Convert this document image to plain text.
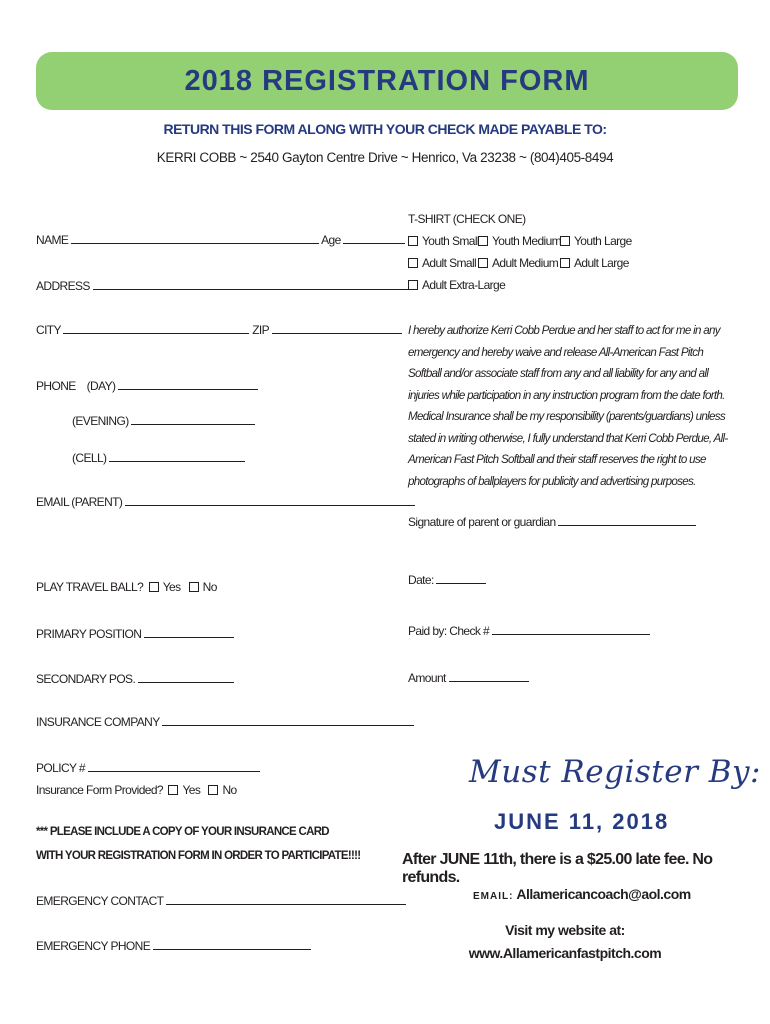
2018 REGISTRATION FORM
RETURN THIS FORM ALONG WITH YOUR CHECK MADE PAYABLE TO:
KERRI COBB ~ 2540 Gayton Centre Drive ~ Henrico, Va 23238 ~ (804)405-8494
NAME	Age
ADDRESS
CITY	ZIP
PHONE (DAY)
(EVENING)
(CELL)
EMAIL (PARENT)
PLAY TRAVEL BALL? Yes No
PRIMARY POSITION
SECONDARY POS.
INSURANCE COMPANY
POLICY #
Insurance Form Provided? Yes No
*** PLEASE INCLUDE A COPY OF YOUR INSURANCE CARD
WITH YOUR REGISTRATION FORM IN ORDER TO PARTICIPATE!!!!
EMERGENCY CONTACT
EMERGENCY PHONE
T-SHIRT (CHECK ONE)
Youth Small	Youth Medium	Youth Large
Adult Small	Adult Medium	Adult Large
Adult Extra-Large
I hereby authorize Kerri Cobb Perdue and her staff to act for me in any emergency and hereby waive and release All-American Fast Pitch Softball and/or associate staff from any and all liability for any and all injuries while participation in any instruction program from the date forth. Medical Insurance shall be my responsibility (parents/guardians) unless stated in writing otherwise, I fully understand that Kerri Cobb Perdue, All-American Fast Pitch Softball and their staff reserves the right to use photographs of ballplayers for publicity and advertising purposes.
Signature of parent or guardian
Date:
Paid by: Check #
Amount
Must Register By:
JUNE 11, 2018
After JUNE 11th, there is a $25.00 late fee. No refunds.
EMAIL: Allamericancoach@aol.com
Visit my website at:
www.Allamericanfastpitch.com
